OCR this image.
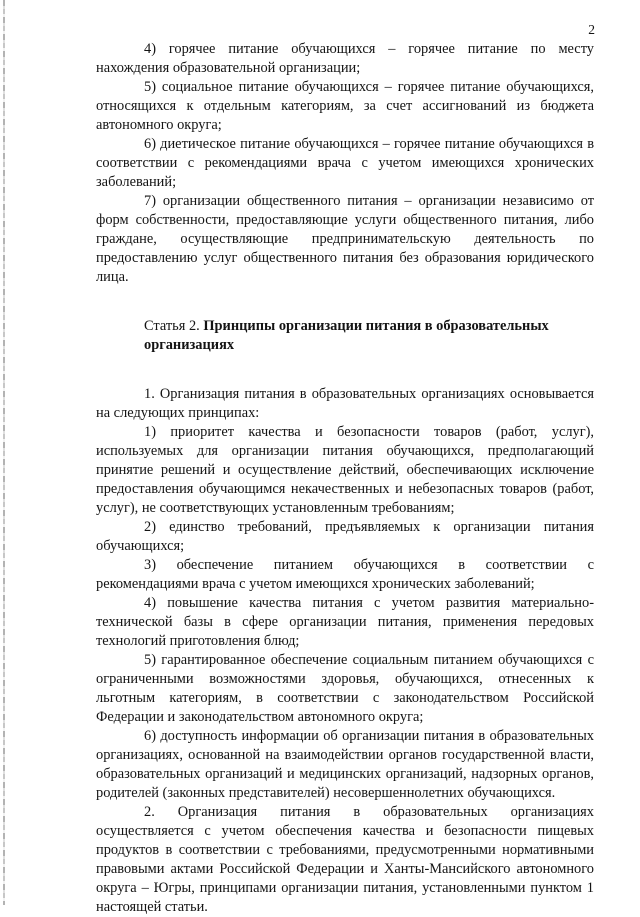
2

4) горячее питание обучающихся – горячее питание по месту нахождения образовательной организации;

5) социальное питание обучающихся – горячее питание обучающихся, относящихся к отдельным категориям, за счет ассигнований из бюджета автономного округа;

6) диетическое питание обучающихся – горячее питание обучающихся в соответствии с рекомендациями врача с учетом имеющихся хронических заболеваний;

7) организации общественного питания – организации независимо от форм собственности, предоставляющие услуги общественного питания, либо граждане, осуществляющие предпринимательскую деятельность по предоставлению услуг общественного питания без образования юридического лица.

Статья 2. Принципы организации питания в образовательных организациях

1. Организация питания в образовательных организациях основывается на следующих принципах:

1) приоритет качества и безопасности товаров (работ, услуг), используемых для организации питания обучающихся, предполагающий принятие решений и осуществление действий, обеспечивающих исключение предоставления обучающимся некачественных и небезопасных товаров (работ, услуг), не соответствующих установленным требованиям;

2) единство требований, предъявляемых к организации питания обучающихся;

3) обеспечение питанием обучающихся в соответствии с рекомендациями врача с учетом имеющихся хронических заболеваний;

4) повышение качества питания с учетом развития материально-технической базы в сфере организации питания, применения передовых технологий приготовления блюд;

5) гарантированное обеспечение социальным питанием обучающихся с ограниченными возможностями здоровья, обучающихся, отнесенных к льготным категориям, в соответствии с законодательством Российской Федерации и законодательством автономного округа;

6) доступность информации об организации питания в образовательных организациях, основанной на взаимодействии органов государственной власти, образовательных организаций и медицинских организаций, надзорных органов, родителей (законных представителей) несовершеннолетних обучающихся.

2. Организация питания в образовательных организациях осуществляется с учетом обеспечения качества и безопасности пищевых продуктов в соответствии с требованиями, предусмотренными нормативными правовыми актами Российской Федерации и Ханты-Мансийского автономного округа – Югры, принципами организации питания, установленными пунктом 1 настоящей статьи.
